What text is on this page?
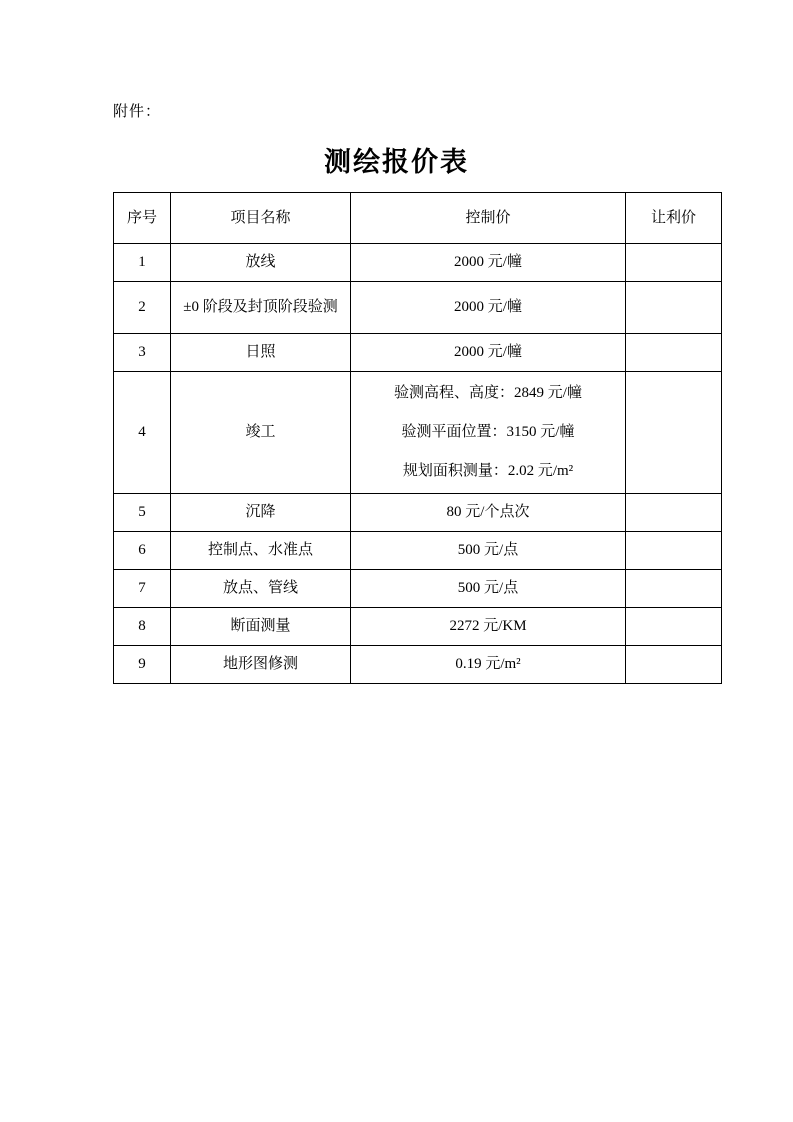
附件：
测绘报价表
序号	项目名称	控制价	让利价
1	放线	2000 元/幢	
2	±0 阶段及封顶阶段验测	2000 元/幢	
3	日照	2000 元/幢	
4	竣工	验测高程、高度：2849 元/幢
验测平面位置：3150 元/幢
规划面积测量：2.02 元/m²	

5	沉降	80 元/个点次	
6	控制点、水准点	500 元/点	
7	放点、管线	500 元/点	
8	断面测量	2272 元/KM	
9	地形图修测	0.19 元/m²	
